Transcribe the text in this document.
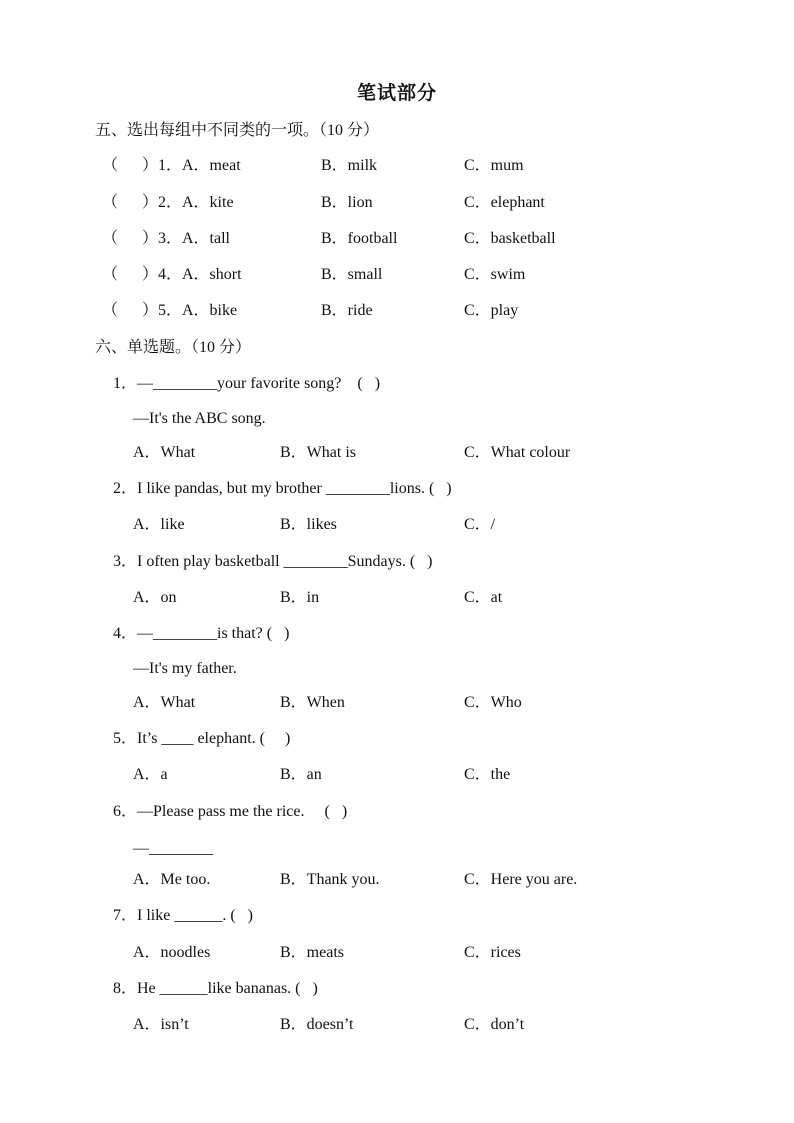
笔试部分
五、选出每组中不同类的一项。（10 分）
（      ）1．A．meat	B．milk	C．mum
（      ）2．A．kite	B．lion	C．elephant
（      ）3．A．tall	B．football	C．basketball
（      ）4．A．short	B．small	C．swim
（      ）5．A．bike	B．ride	C．play
六、单选题。（10 分）
1．—________your favorite song?    (   )
—It's the ABC song.
A．What	B．What is	C．What colour
2．I like pandas, but my brother ________lions. (   )
A．like	B．likes	C．/
3．I often play basketball ________Sundays. (   )
A．on	B．in	C．at
4．—________is that? (   )
—It's my father.
A．What	B．When	C．Who
5．It’s ____ elephant. (     )
A．a	B．an	C．the
6．—Please pass me the rice.     (   )
—________
A．Me too.	B．Thank you.	C．Here you are.
7．I like ______. (   )
A．noodles	B．meats	C．rices
8．He ______like bananas. (   )
A．isn’t	B．doesn’t	C．don’t
